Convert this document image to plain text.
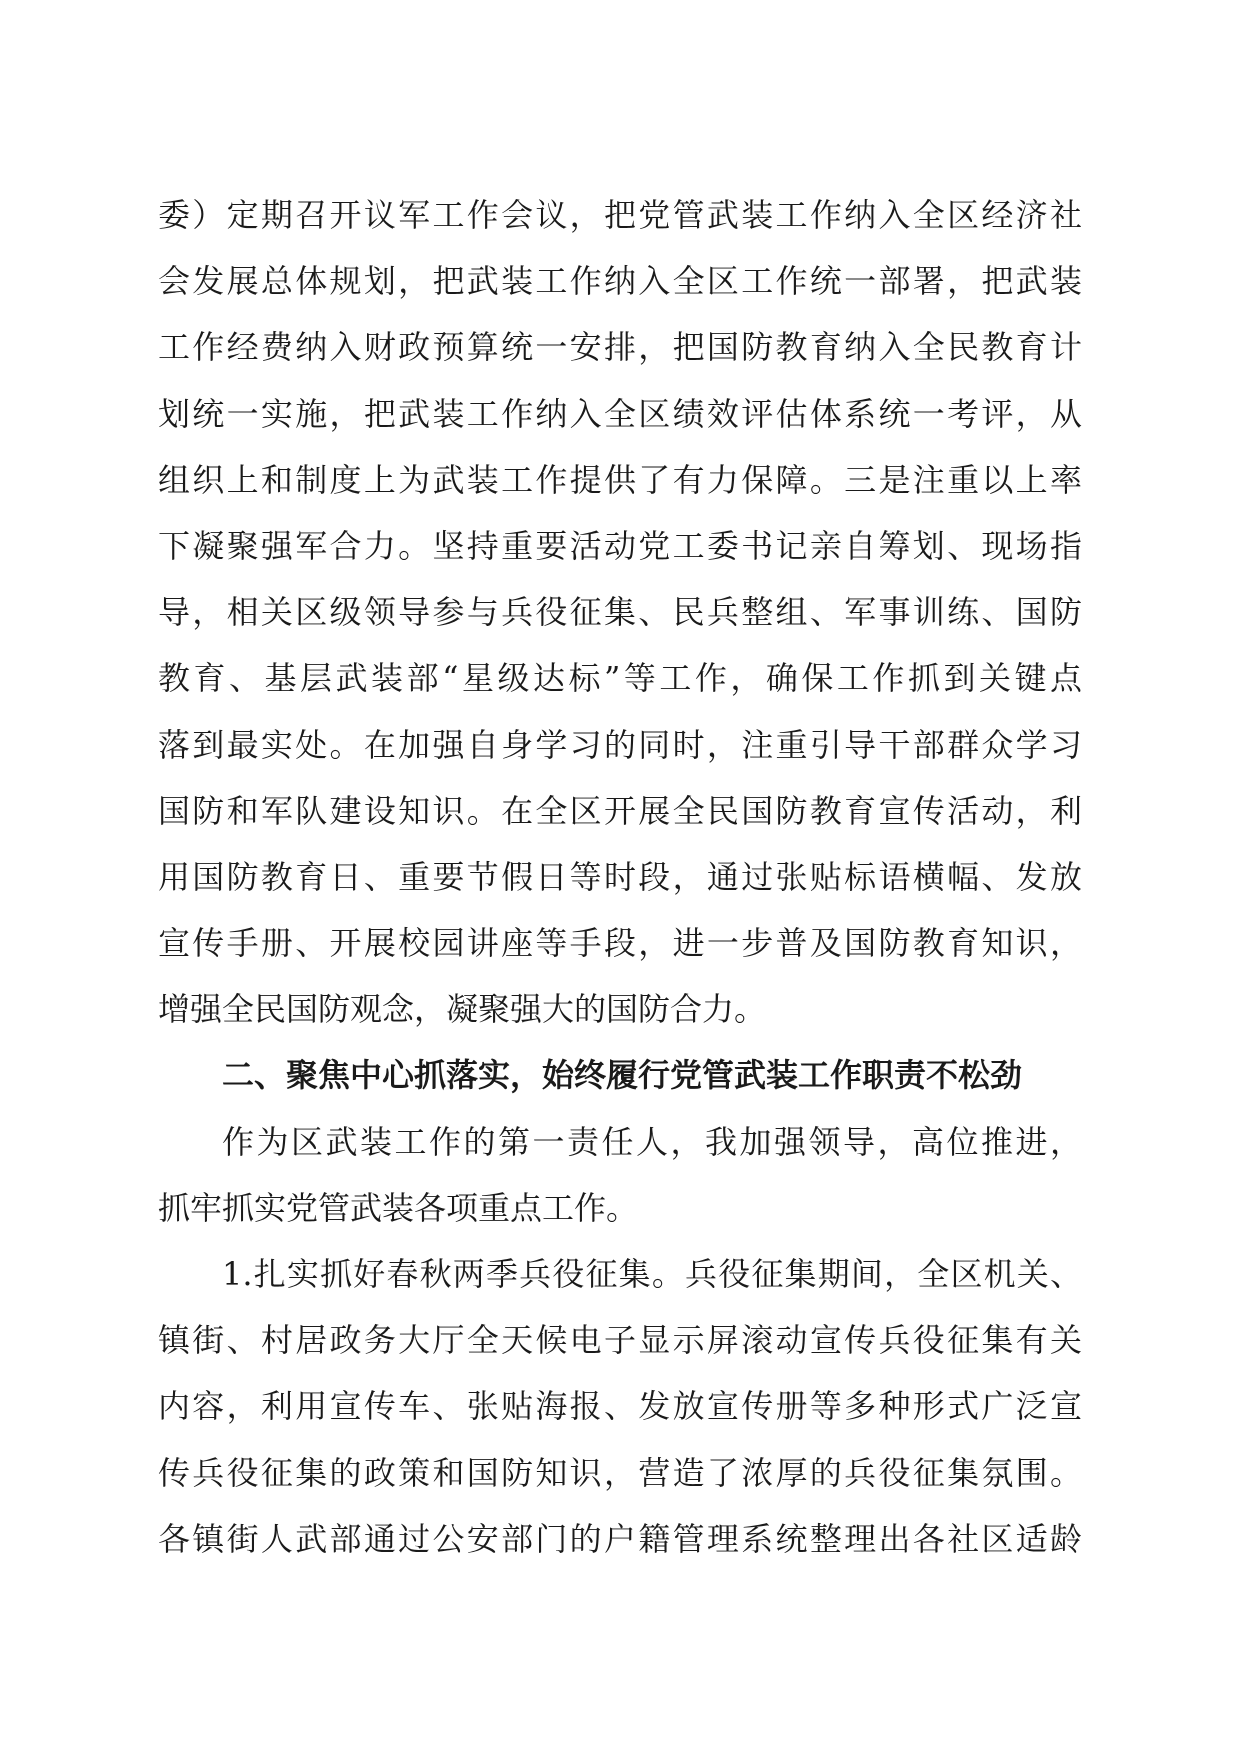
委）定期召开议军工作会议，把党管武装工作纳入全区经济社
会发展总体规划，把武装工作纳入全区工作统一部署，把武装
工作经费纳入财政预算统一安排，把国防教育纳入全民教育计
划统一实施，把武装工作纳入全区绩效评估体系统一考评，从
组织上和制度上为武装工作提供了有力保障。三是注重以上率
下凝聚强军合力。坚持重要活动党工委书记亲自筹划、现场指
导，相关区级领导参与兵役征集、民兵整组、军事训练、国防
教育、基层武装部“星级达标”等工作，确保工作抓到关键点
落到最实处。在加强自身学习的同时，注重引导干部群众学习
国防和军队建设知识。在全区开展全民国防教育宣传活动，利
用国防教育日、重要节假日等时段，通过张贴标语横幅、发放
宣传手册、开展校园讲座等手段，进一步普及国防教育知识，
增强全民国防观念，凝聚强大的国防合力。
二、聚焦中心抓落实，始终履行党管武装工作职责不松劲
作为区武装工作的第一责任人，我加强领导，高位推进，
抓牢抓实党管武装各项重点工作。
1.扎实抓好春秋两季兵役征集。兵役征集期间，全区机关、
镇街、村居政务大厅全天候电子显示屏滚动宣传兵役征集有关
内容，利用宣传车、张贴海报、发放宣传册等多种形式广泛宣
传兵役征集的政策和国防知识，营造了浓厚的兵役征集氛围。
各镇街人武部通过公安部门的户籍管理系统整理出各社区适龄
